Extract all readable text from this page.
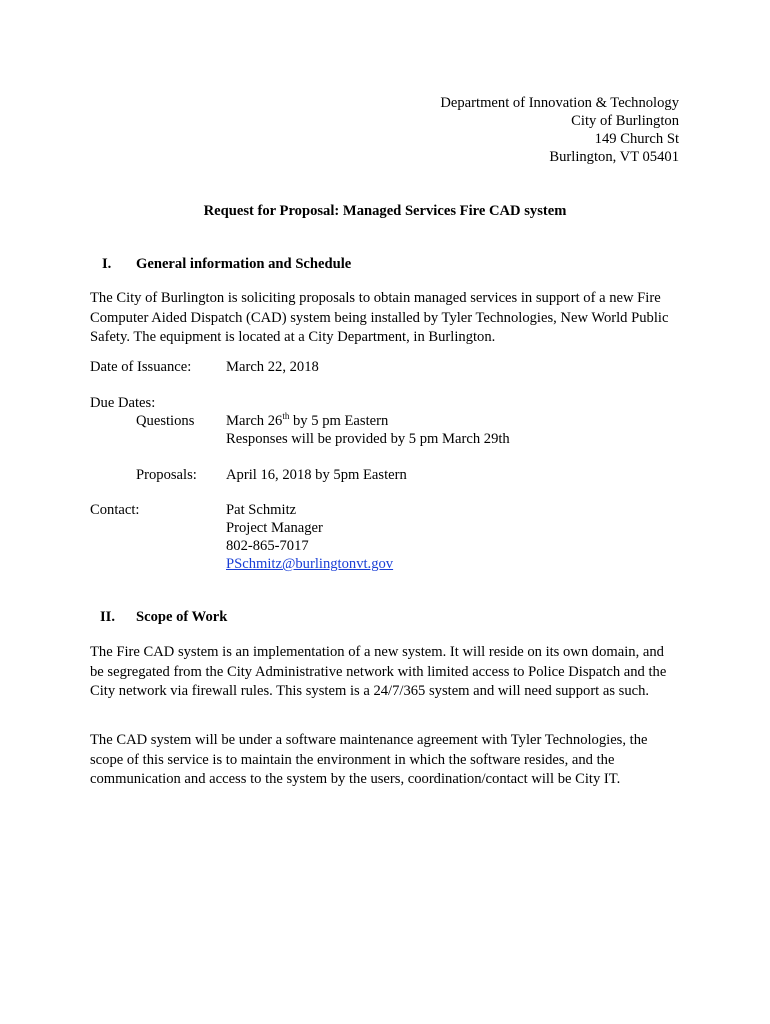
Department of Innovation & Technology
City of Burlington
149 Church St
Burlington, VT 05401
Request for Proposal: Managed Services Fire CAD system
I. General information and Schedule
The City of Burlington is soliciting proposals to obtain managed services in support of a new Fire Computer Aided Dispatch (CAD) system being installed by Tyler Technologies, New World Public Safety. The equipment is located at a City Department, in Burlington.
Date of Issuance: March 22, 2018
Due Dates:
Questions March 26th by 5 pm Eastern
Responses will be provided by 5 pm March 29th
Proposals: April 16, 2018 by 5pm Eastern
Contact:	Pat Schmitz
Project Manager
802-865-7017
PSchmitz@burlingtonvt.gov
II. Scope of Work
The Fire CAD system is an implementation of a new system. It will reside on its own domain, and be segregated from the City Administrative network with limited access to Police Dispatch and the City network via firewall rules. This system is a 24/7/365 system and will need support as such.
The CAD system will be under a software maintenance agreement with Tyler Technologies, the scope of this service is to maintain the environment in which the software resides, and the communication and access to the system by the users, coordination/contact will be City IT.
